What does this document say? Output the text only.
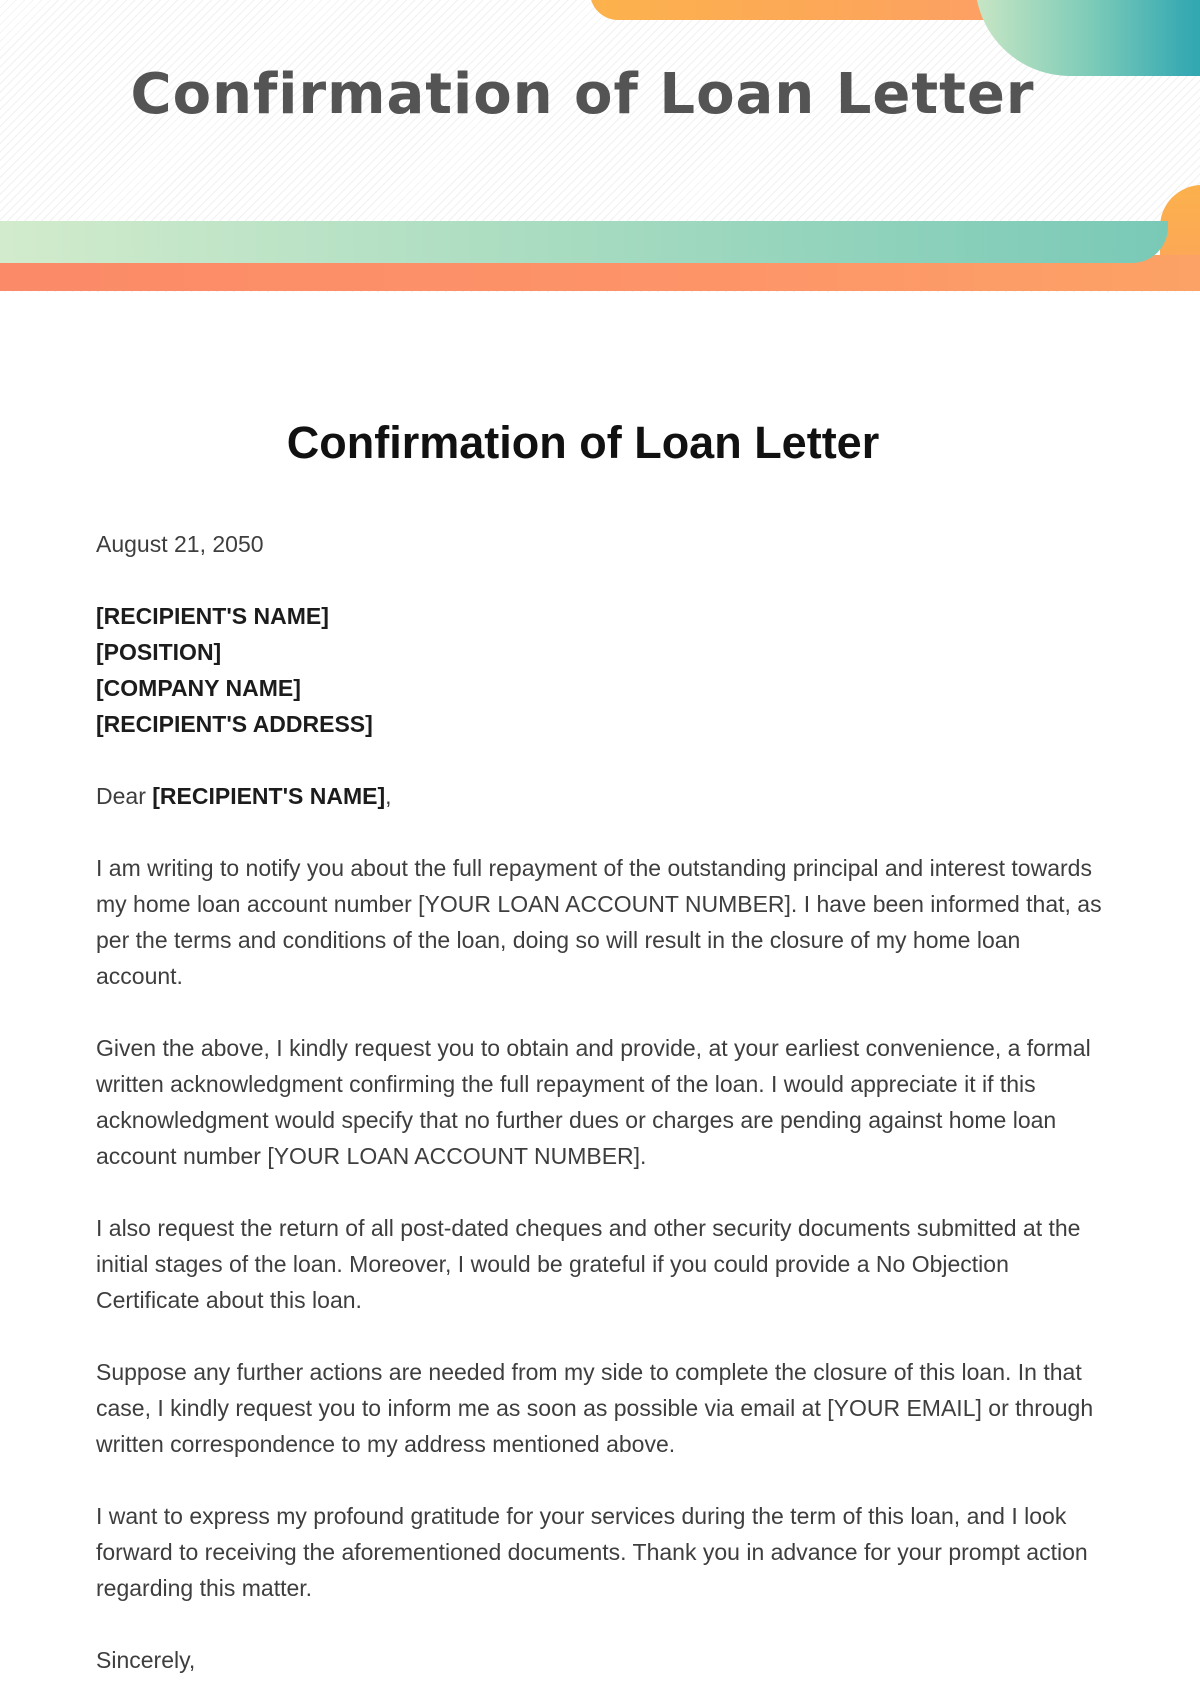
Confirmation of Loan Letter
Confirmation of Loan Letter
August 21, 2050
[RECIPIENT'S NAME]
[POSITION]
[COMPANY NAME]
[RECIPIENT'S ADDRESS]
Dear [RECIPIENT'S NAME],

I am writing to notify you about the full repayment of the outstanding principal and interest towards my home loan account number [YOUR LOAN ACCOUNT NUMBER]. I have been informed that, as per the terms and conditions of the loan, doing so will result in the closure of my home loan account.

Given the above, I kindly request you to obtain and provide, at your earliest convenience, a formal written acknowledgment confirming the full repayment of the loan. I would appreciate it if this acknowledgment would specify that no further dues or charges are pending against home loan account number [YOUR LOAN ACCOUNT NUMBER].

I also request the return of all post-dated cheques and other security documents submitted at the initial stages of the loan. Moreover, I would be grateful if you could provide a No Objection Certificate about this loan.

Suppose any further actions are needed from my side to complete the closure of this loan. In that case, I kindly request you to inform me as soon as possible via email at [YOUR EMAIL] or through written correspondence to my address mentioned above.

I want to express my profound gratitude for your services during the term of this loan, and I look forward to receiving the aforementioned documents. Thank you in advance for your prompt action regarding this matter.

Sincerely,
